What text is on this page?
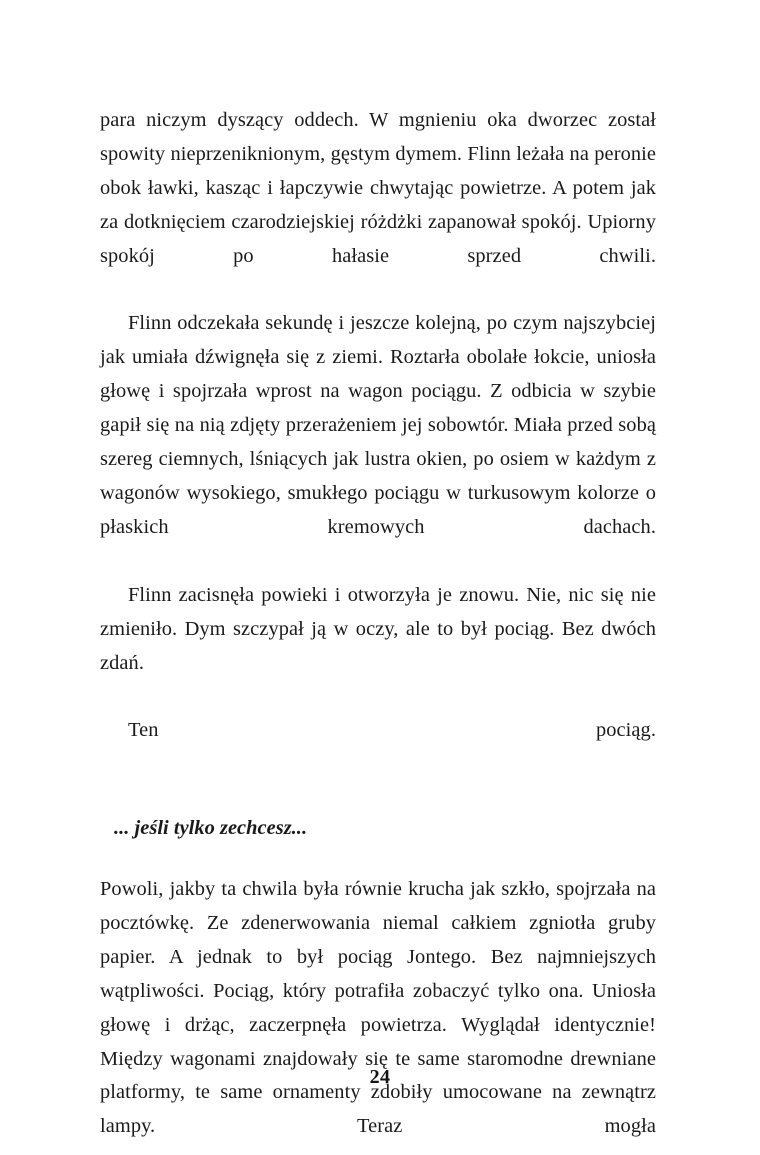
para niczym dyszący oddech. W mgnieniu oka dworzec został spowity nieprzeniknionym, gęstym dymem. Flinn leżała na peronie obok ławki, kasząc i łapczywie chwytając powietrze. A potem jak za dotknięciem czarodziejskiej różdżki zapanował spokój. Upiorny spokój po hałasie sprzed chwili.

Flinn odczekała sekundę i jeszcze kolejną, po czym najszybciej jak umiała dźwignęła się z ziemi. Roztarła obolałe łokcie, uniosła głowę i spojrzała wprost na wagon pociągu. Z odbicia w szybie gapił się na nią zdjęty przerażeniem jej sobowtór. Miała przed sobą szereg ciemnych, lśniących jak lustra okien, po osiem w każdym z wagonów wysokiego, smukłego pociągu w turkusowym kolorze o płaskich kremowych dachach.

Flinn zacisnęła powieki i otworzyła je znowu. Nie, nic się nie zmieniło. Dym szczypał ją w oczy, ale to był pociąg. Bez dwóch zdań.

Ten pociąg.

... jeśli tylko zechcesz...

Powoli, jakby ta chwila była równie krucha jak szkło, spojrzała na pocztówkę. Ze zdenerwowania niemal całkiem zgniotła gruby papier. A jednak to był pociąg Jontego. Bez najmniejszych wątpliwości. Pociąg, który potrafiła zobaczyć tylko ona. Uniosła głowę i drżąc, zaczerpnęła powietrza. Wyglądał identycznie! Między wagonami znajdowały się te same staromodne drewniane platformy, te same ornamenty zdobiły umocowane na zewnątrz lampy. Teraz mogła

24
